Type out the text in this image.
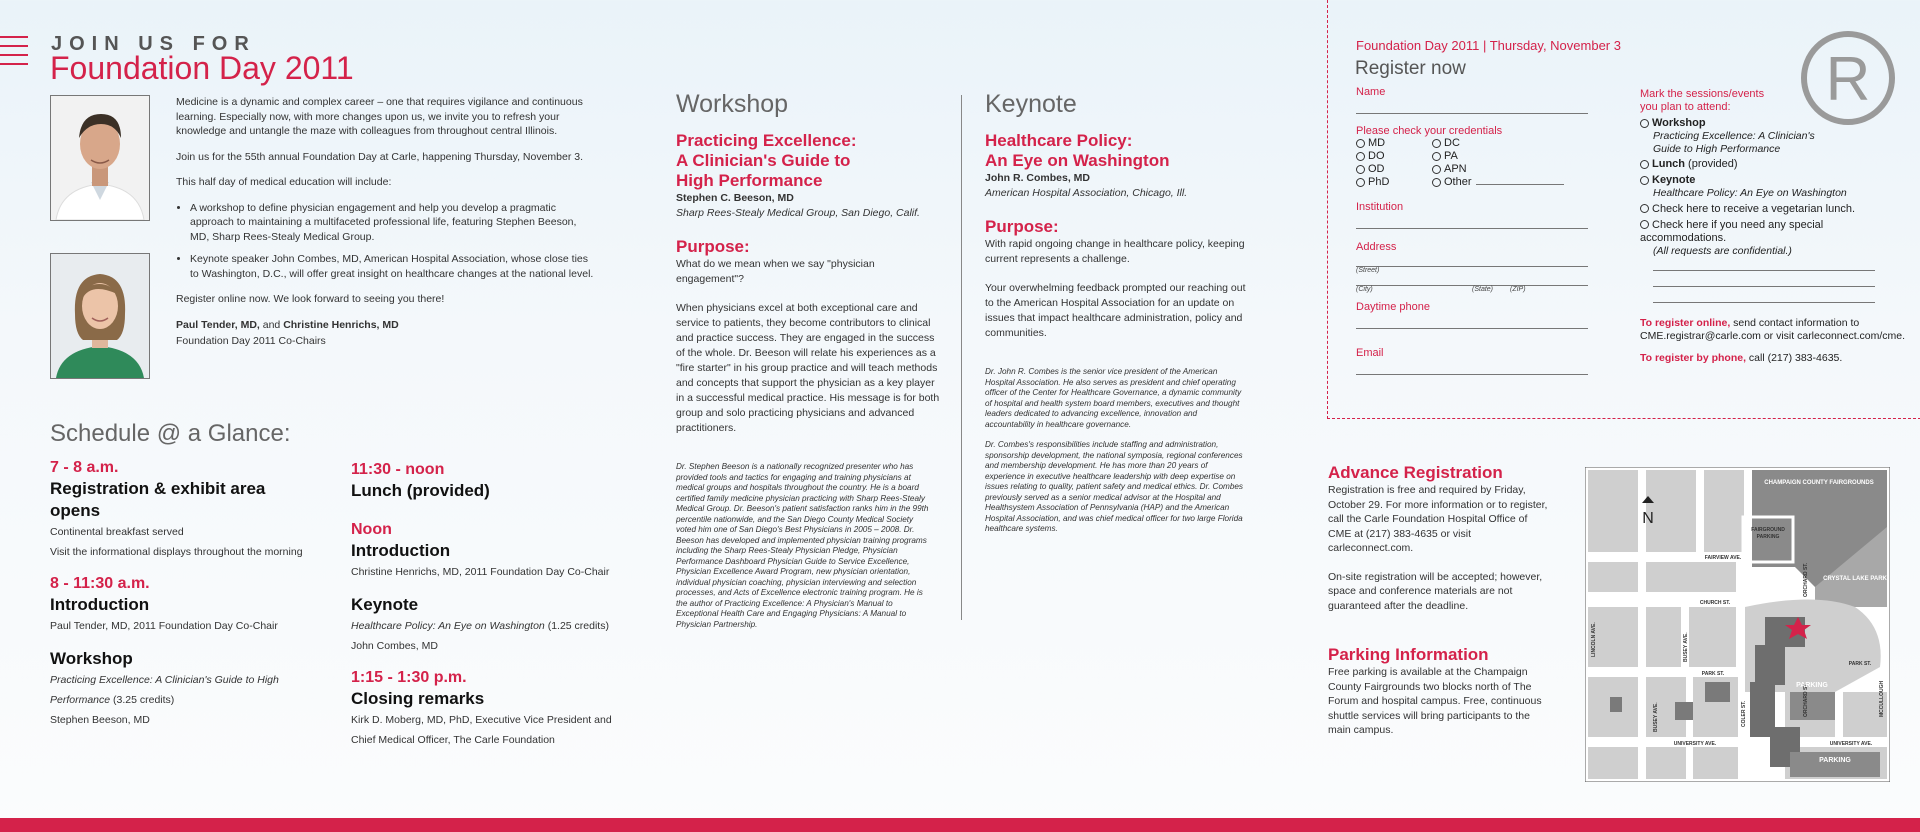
JOIN US FOR
Foundation Day 2011

Medicine is a dynamic and complex career – one that requires vigilance and continuous learning. Especially now, with more changes upon us, we invite you to refresh your knowledge and untangle the maze with colleagues from throughout central Illinois.

Join us for the 55th annual Foundation Day at Carle, happening Thursday, November 3.

This half day of medical education will include:

• A workshop to define physician engagement and help you develop a pragmatic approach to maintaining a multifaceted professional life, featuring Stephen Beeson, MD, Sharp Rees-Stealy Medical Group.
• Keynote speaker John Combes, MD, American Hospital Association, whose close ties to Washington, D.C., will offer great insight on healthcare changes at the national level.

Register online now. We look forward to seeing you there!

Paul Tender, MD, and Christine Henrichs, MD

Foundation Day 2011 Co-Chairs

Schedule @ a Glance:
7 - 8 a.m.
Registration & exhibit area opens
Continental breakfast served
Visit the informational displays throughout the morning
8 - 11:30 a.m.
Introduction
Paul Tender, MD, 2011 Foundation Day Co-Chair
Workshop
Practicing Excellence: A Clinician's Guide to High
Performance (3.25 credits)
Stephen Beeson, MD
11:30 - noon
Lunch (provided)
Noon
Introduction
Christine Henrichs, MD, 2011 Foundation Day Co-Chair
Keynote
Healthcare Policy: An Eye on Washington (1.25 credits)
John Combes, MD
1:15 - 1:30 p.m.
Closing remarks
Kirk D. Moberg, MD, PhD, Executive Vice President and
Chief Medical Officer, The Carle Foundation
Workshop
Practicing Excellence:
A Clinician's Guide to
High Performance
Stephen C. Beeson, MD
Sharp Rees-Stealy Medical Group, San Diego, Calif.
Purpose:

What do we mean when we say "physician engagement"?

When physicians excel at both exceptional care and service to patients, they become contributors to clinical and practice success. They are engaged in the success of the whole. Dr. Beeson will relate his experiences as a "fire starter" in his group practice and will teach methods and concepts that support the physician as a key player in a successful medical practice. His message is for both group and solo practicing physicians and advanced practitioners.

Dr. Stephen Beeson is a nationally recognized presenter who has provided tools and tactics for engaging and training physicians at medical groups and hospitals throughout the country. He is a board certified family medicine physician practicing with Sharp Rees-Stealy Medical Group. Dr. Beeson's patient satisfaction ranks him in the 99th percentile nationwide, and the San Diego County Medical Society voted him one of San Diego's Best Physicians in 2005 – 2008. Dr. Beeson has developed and implemented physician training programs including the Sharp Rees-Stealy Physician Pledge, Physician Performance Dashboard Physician Guide to Service Excellence, Physician Excellence Award Program, new physician orientation, individual physician coaching, physician interviewing and selection processes, and Acts of Excellence electronic training program. He is the author of Practicing Excellence: A Physician's Manual to Exceptional Health Care and Engaging Physicians: A Manual to Physician Partnership.

Keynote
Healthcare Policy:
An Eye on Washington
John R. Combes, MD
American Hospital Association, Chicago, Ill.
Purpose:

With rapid ongoing change in healthcare policy, keeping current represents a challenge.

Your overwhelming feedback prompted our reaching out to the American Hospital Association for an update on issues that impact healthcare administration, policy and communities.

Dr. John R. Combes is the senior vice president of the American Hospital Association. He also serves as president and chief operating officer of the Center for Healthcare Governance, a dynamic community of hospital and health system board members, executives and thought leaders dedicated to advancing excellence, innovation and accountability in healthcare governance.

Dr. Combes's responsibilities include staffing and administration, sponsorship development, the national symposia, regional conferences and membership development. He has more than 20 years of experience in executive healthcare leadership with deep expertise on issues relating to quality, patient safety and medical ethics. Dr. Combes previously served as a senior medical advisor at the Hospital and Healthsystem Association of Pennsylvania (HAP) and the American Hospital Association, and was chief medical officer for two large Florida healthcare systems.

Foundation Day 2011 | Thursday, November 3
Register now	R
Name
Please check your credentials
MD
DO
OD
PhD
DC
PA
APN
Other
Institution
Address
(Street)
(City)	(State) (ZIP)
Daytime phone
Email
Mark the sessions/events
you plan to attend:
Workshop
Practicing Excellence: A Clinician's
Guide to High Performance
Lunch (provided)
Keynote
Healthcare Policy: An Eye on Washington
Check here to receive a vegetarian lunch.
Check here if you need any special accommodations.
(All requests are confidential.)
To register online, send contact information to
CME.registrar@carle.com or visit carleconnect.com/cme.
To register by phone, call (217) 383-4635.
Advance Registration

Registration is free and required by Friday, October 29. For more information or to register, call the Carle Foundation Hospital Office of CME at (217) 383-4635 or visit carleconnect.com.

On-site registration will be accepted; however, space and conference materials are not guaranteed after the deadline.

Parking Information

Free parking is available at the Champaign County Fairgrounds two blocks north of The Forum and hospital campus. Free, continuous shuttle services will bring participants to the main campus.

N
CHAMPAIGN COUNTY FAIRGROUNDS
FAIRGROUND
PARKING
CRYSTAL LAKE PARK
FAIRVIEW AVE.
CHURCH ST.
PARK ST.
PARK ST.
UNIVERSITY AVE.	UNIVERSITY AVE.
LINCOLN AVE.	BUSEY AVE.
BUSEY AVE.	COLER ST.
ORCHARD ST.
ORCHARD ST.	MCCULLOUGH
PARKING
PARKING
